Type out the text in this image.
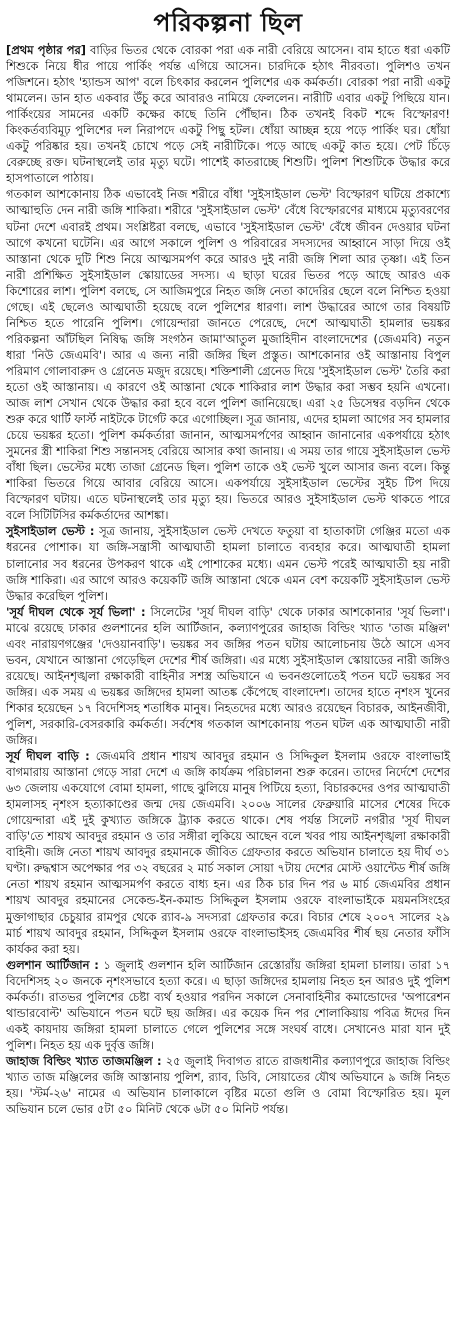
পরিকল্পনা ছিল

[প্রথম পৃষ্ঠার পর] বাড়ির ভিতর থেকে বোরকা পরা এক নারী বেরিয়ে আসেন। বাম হাতে ধরা একটি শিশুকে নিয়ে ধীর পায়ে পার্কিং পর্যন্ত এগিয়ে আসেন। চারদিকে হঠাৎ নীরবতা। পুলিশও তখন পজিশনে। হঠাৎ 'হ্যান্ডস আপ' বলে চিৎকার করলেন পুলিশের এক কর্মকর্তা। বোরকা পরা নারী একটু থামলেন। ডান হাত একবার উঁচু করে আবারও নামিয়ে ফেললেন। নারীটি এবার একটু পিছিয়ে যান। পার্কিংয়ের সামনের একটি কক্ষের কাছে তিনি পৌঁছান। ঠিক তখনই বিকট শব্দে বিস্ফোরণ! কিংকর্তব্যবিমূঢ় পুলিশের দল নিরাপদে একটু পিছু হটল। ধোঁয়া আচ্ছন্ন হয়ে পড়ে পার্কিং ঘর। ধোঁয়া একটু পরিষ্কার হয়। তখনই চোখে পড়ে সেই নারীটিকে। পড়ে আছে একটু কাত হয়ে। পেট চিঁড়ে বেরুচ্ছে রক্ত। ঘটনাস্থলেই তার মৃত্যু ঘটে। পাশেই কাতরাচ্ছে শিশুটি। পুলিশ শিশুটিকে উদ্ধার করে হাসপাতালে পাঠায়।

গতকাল আশকোনায় ঠিক এভাবেই নিজ শরীরে বাঁধা 'সুইসাইডাল ভেস্ট' বিস্ফোরণ ঘটিয়ে প্রকাশ্যে আত্মাহুতি দেন নারী জঙ্গি শাকিরা। শরীরে 'সুইসাইডাল ভেস্ট' বেঁধে বিস্ফোরণের মাধ্যমে মৃত্যুবরণের ঘটনা দেশে এবারই প্রথম। সংশ্লিষ্টরা বলছে, এভাবে 'সুইসাইডাল ভেস্ট' বেঁধে জীবন দেওয়ার ঘটনা আগে কখনো ঘটেনি। এর আগে সকালে পুলিশ ও পরিবারের সদস্যদের আহ্বানে সাড়া দিয়ে ওই আস্তানা থেকে দুটি শিশু নিয়ে আত্মসমর্পণ করে আরও দুই নারী জঙ্গি শিলা আর তৃষ্ণা। এই তিন নারী প্রশিক্ষিত সুইসাইডাল স্কোয়াডের সদস্য। এ ছাড়া ঘরের ভিতর পড়ে আছে আরও এক কিশোরের লাশ। পুলিশ বলছে, সে আজিমপুরে নিহত জঙ্গি নেতা কাদেরির ছেলে বলে নিশ্চিত হওয়া গেছে। এই ছেলেও আত্মঘাতী হয়েছে বলে পুলিশের ধারণা। লাশ উদ্ধারের আগে তার বিষয়টি নিশ্চিত হতে পারেনি পুলিশ। গোয়েন্দারা জানতে পেরেছে, দেশে আত্মঘাতী হামলার ভয়ঙ্কর পরিকল্পনা আঁটছিল নিষিদ্ধ জঙ্গি সংগঠন জামা'আতুল মুজাহিদীন বাংলাদেশের (জেএমবি) নতুন ধারা 'নিউ জেএমবি'। আর এ জন্য নারী জঙ্গির ছিল প্রস্তুত। আশকোনার ওই আস্তানায় বিপুল পরিমাণ গোলাবারুদ ও গ্রেনেড মজুদ রয়েছে। শক্তিশালী গ্রেনেড দিয়ে 'সুইসাইডাল ভেস্ট' তৈরি করা হতো ওই আস্তানায়। এ কারণে ওই আস্তানা থেকে শাকিরার লাশ উদ্ধার করা সম্ভব হয়নি এখনো। আজ লাশ সেখান থেকে উদ্ধার করা হবে বলে পুলিশ জানিয়েছে। এরা ২৫ ডিসেম্বর বড়দিন থেকে শুরু করে থার্টি ফার্স্ট নাইটকে টার্গেট করে এগোচ্ছিল। সূত্র জানায়, এদের হামলা আগের সব হামলার চেয়ে ভয়ঙ্কর হতো। পুলিশ কর্মকর্তারা জানান, আত্মসমর্পণের আহ্বান জানানোর একপর্যায়ে হঠাৎ সুমনের স্ত্রী শাকিরা শিশু সন্তানসহ বেরিয়ে আসার কথা জানায়। এ সময় তার গায়ে সুইসাইডাল ভেস্ট বাঁধা ছিল। ভেস্টের মধ্যে তাজা গ্রেনেড ছিল। পুলিশ তাকে ওই ভেস্ট খুলে আসার জন্য বলে। কিন্তু শাকিরা ভিতরে গিয়ে আবার বেরিয়ে আসে। একপর্যায়ে সুইসাইডাল ভেস্টের সুইচ টিপ দিয়ে বিস্ফোরণ ঘটায়। এতে ঘটনাস্থলেই তার মৃত্যু হয়। ভিতরে আরও সুইসাইডাল ভেস্ট থাকতে পারে বলে সিটিটিসির কর্মকর্তাদের আশঙ্কা।

সুইসাইডাল ভেস্ট : সূত্র জানায়, সুইসাইডাল ভেস্ট দেখতে ফতুয়া বা হাতাকাটা গেঞ্জির মতো এক ধরনের পোশাক। যা জঙ্গি-সন্ত্রাসী আত্মঘাতী হামলা চালাতে ব্যবহার করে। আত্মঘাতী হামলা চালানোর সব ধরনের উপকরণ থাকে এই পোশাকের মধ্যে। এমন ভেস্ট পরেই আত্মঘাতী হয় নারী জঙ্গি শাকিরা। এর আগে আরও কয়েকটি জঙ্গি আস্তানা থেকে এমন বেশ কয়েকটি সুইসাইডাল ভেস্ট উদ্ধার করেছিল পুলিশ।

'সূর্য দীঘল থেকে সূর্য ভিলা' : সিলেটের 'সূর্য দীঘল বাড়ি' থেকে ঢাকার আশকোনার 'সূর্য ভিলা'। মাঝে রয়েছে ঢাকার গুলশানের হলি আর্টিজান, কল্যাণপুরের জাহাজ বিল্ডিং খ্যাত 'তাজ মঞ্জিল' এবং নারায়ণগঞ্জের 'দেওয়ানবাড়ি'। ভয়ঙ্কর সব জঙ্গির পতন ঘটায় আলোচনায় উঠে আসে এসব ভবন, যেখানে আস্তানা গেড়েছিল দেশের শীর্ষ জঙ্গিরা। এর মধ্যে সুইসাইডাল স্কোয়াডের নারী জঙ্গিও রয়েছে। আইনশৃঙ্খলা রক্ষাকারী বাহিনীর সশস্ত্র অভিযানে এ ভবনগুলোতেই পতন ঘটে ভয়ঙ্কর সব জঙ্গির। এক সময় এ ভয়ঙ্কর জঙ্গিদের হামলা আতঙ্ক কেঁপেছে বাংলাদেশ। তাদের হাতে নৃশংস খুনের শিকার হয়েছেন ১৭ বিদেশিসহ শতাধিক মানুষ। নিহতদের মধ্যে আরও রয়েছেন বিচারক, আইনজীবী, পুলিশ, সরকারি-বেসরকারি কর্মকর্তা। সর্বশেষ গতকাল আশকোনায় পতন ঘটল এক আত্মঘাতী নারী জঙ্গির।

সূর্য দীঘল বাড়ি : জেএমবি প্রধান শায়খ আবদুর রহমান ও সিদ্দিকুল ইসলাম ওরফে বাংলাভাই বাগমারায় আস্তানা গেড়ে সারা দেশে এ জঙ্গি কার্যক্রম পরিচালনা শুরু করেন। তাদের নির্দেশে দেশের ৬৩ জেলায় একযোগে বোমা হামলা, গাছে ঝুলিয়ে মানুষ পিটিয়ে হত্যা, বিচারকদের ওপর আত্মঘাতী হামলাসহ নৃশংস হত্যাকাণ্ডের জন্ম দেয় জেএমবি। ২০০৬ সালের ফেব্রুয়ারি মাসের শেষের দিকে গোয়েন্দারা এই দুই কুখ্যাত জঙ্গিকে ট্র্যাক করতে থাকে। শেষ পর্যন্ত সিলেট নগরীর 'সূর্য দীঘল বাড়ি'তে শায়খ আবদুর রহমান ও তার সঙ্গীরা লুকিয়ে আছেন বলে খবর পায় আইনশৃঙ্খলা রক্ষাকারী বাহিনী। জঙ্গি নেতা শায়খ আবদুর রহমানকে জীবিত গ্রেফতার করতে অভিযান চালাতে হয় দীর্ঘ ৩১ ঘণ্টা। রুদ্ধশ্বাস অপেক্ষার পর ৩২ বছরের ২ মার্চ সকাল সোয়া ৭টায় দেশের মোস্ট ওয়ান্টেড শীর্ষ জঙ্গি নেতা শায়খ রহমান আত্মসমর্পণ করতে বাধ্য হন। এর ঠিক চার দিন পর ৬ মার্চ জেএমবির প্রধান শায়খ আবদুর রহমানের সেকেন্ড-ইন-কমান্ড সিদ্দিকুল ইসলাম ওরফে বাংলাভাইকে ময়মনসিংহের মুক্তাগাছার চেচুয়ার রামপুর থেকে র‌্যাব-৯ সদস্যরা গ্রেফতার করে। বিচার শেষে ২০০৭ সালের ২৯ মার্চ শায়খ আবদুর রহমান, সিদ্দিকুল ইসলাম ওরফে বাংলাভাইসহ জেএমবির শীর্ষ ছয় নেতার ফাঁসি কার্যকর করা হয়।

গুলশান আর্টিজান : ১ জুলাই গুলশান হলি আর্টিজান রেস্তোরাঁয় জঙ্গিরা হামলা চালায়। তারা ১৭ বিদেশিসহ ২০ জনকে নৃশংসভাবে হত্যা করে। এ ছাড়া জঙ্গিদের হামলায় নিহত হন আরও দুই পুলিশ কর্মকর্তা। রাতভর পুলিশের চেষ্টা ব্যর্থ হওয়ার পরদিন সকালে সেনাবাহিনীর কমান্ডোদের 'অপারেশন থান্ডারবোল্ট' অভিযানে পতন ঘটে ছয় জঙ্গির। এর কয়েক দিন পর শোলাকিয়ায় পবিত্র ঈদের দিন একই কায়দায় জঙ্গিরা হামলা চালাতে গেলে পুলিশের সঙ্গে সংঘর্ষ বাধে। সেখানেও মারা যান দুই পুলিশ। নিহত হয় এক দুর্বৃত্ত জঙ্গি।

জাহাজ বিল্ডিং খ্যাত তাজমঞ্জিল : ২৫ জুলাই দিবাগত রাতে রাজধানীর কল্যাণপুরে জাহাজ বিল্ডিং খ্যাত তাজ মঞ্জিলের জঙ্গি আস্তানায় পুলিশ, র‌্যাব, ডিবি, সোয়াতের যৌথ অভিযানে ৯ জঙ্গি নিহত হয়। 'স্টর্ম-২৬' নামের এ অভিযান চালাকালে বৃষ্টির মতো গুলি ও বোমা বিস্ফোরিত হয়। মূল অভিযান চলে ভোর ৫টা ৫০ মিনিট থেকে ৬টা ৫০ মিনিট পর্যন্ত।
